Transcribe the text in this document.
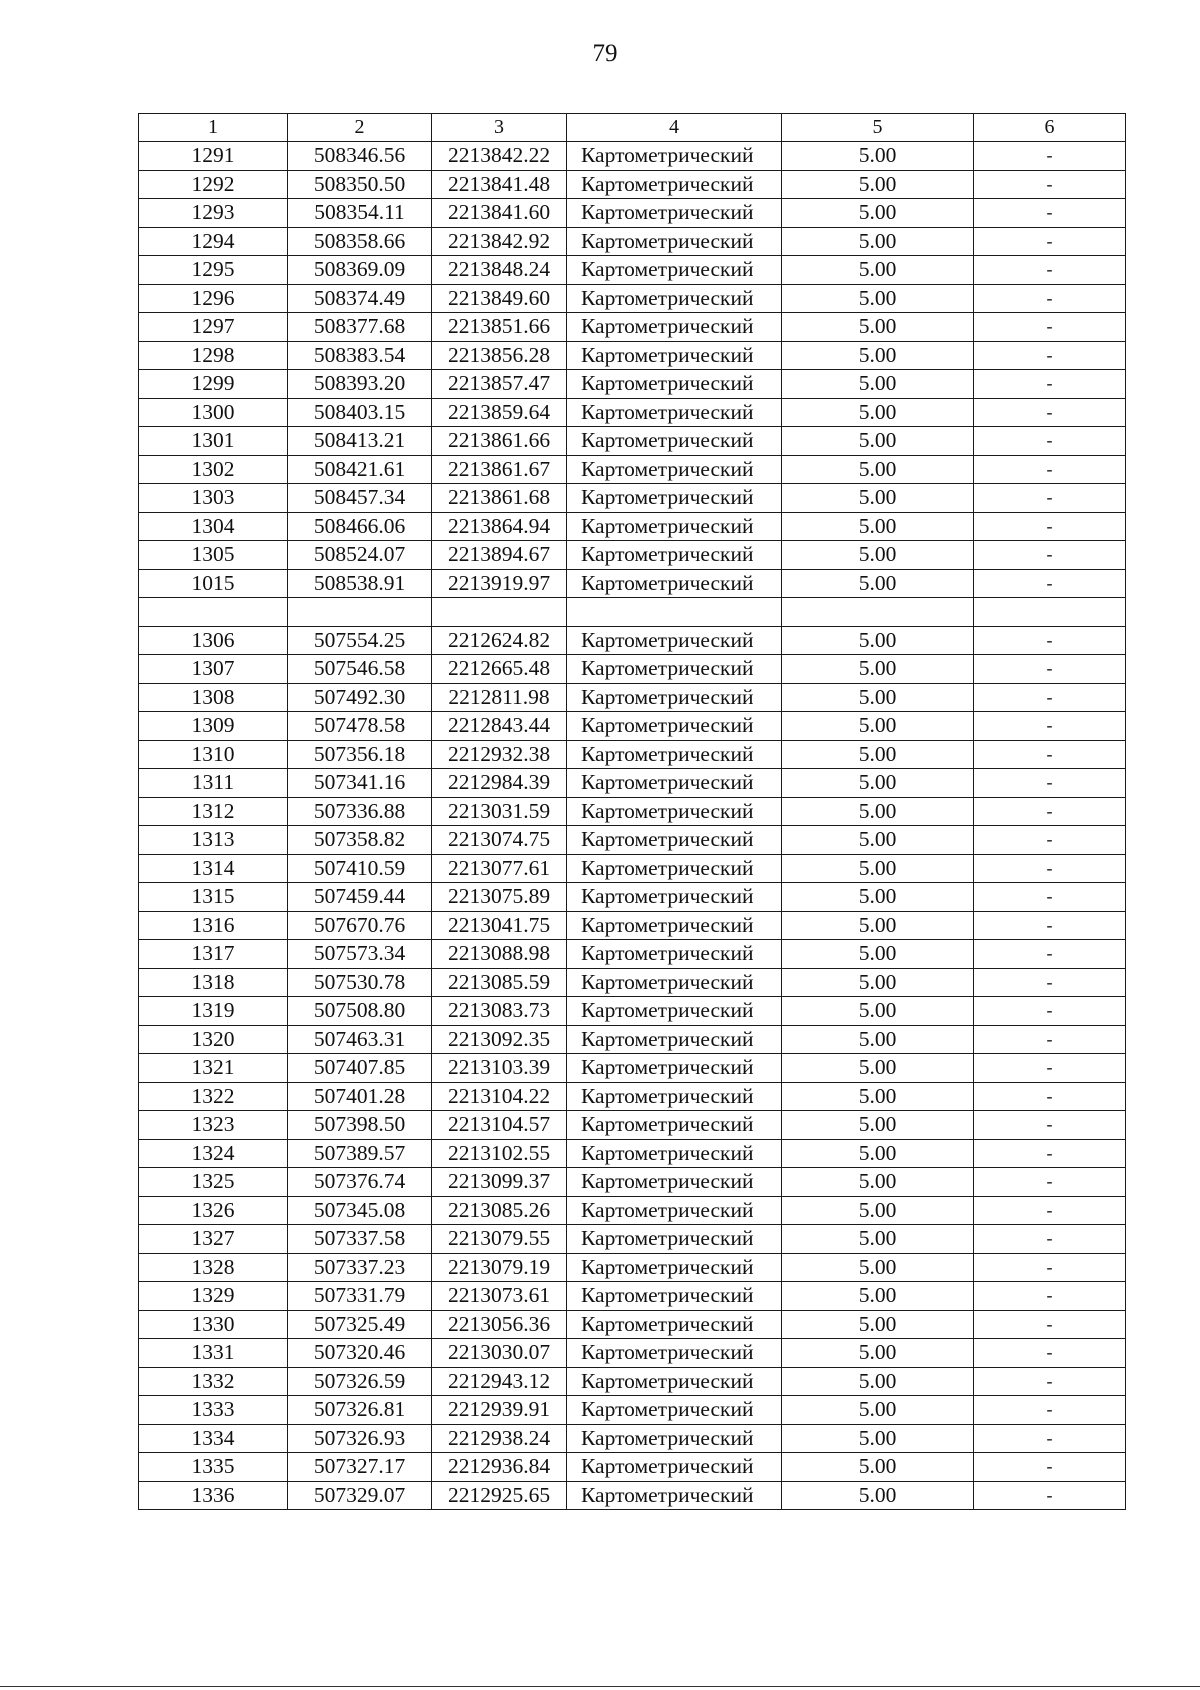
79
1	2	3	4	5	6
1291	508346.56	2213842.22	Картометрический	5.00	-
1292	508350.50	2213841.48	Картометрический	5.00	-
1293	508354.11	2213841.60	Картометрический	5.00	-
1294	508358.66	2213842.92	Картометрический	5.00	-
1295	508369.09	2213848.24	Картометрический	5.00	-
1296	508374.49	2213849.60	Картометрический	5.00	-
1297	508377.68	2213851.66	Картометрический	5.00	-
1298	508383.54	2213856.28	Картометрический	5.00	-
1299	508393.20	2213857.47	Картометрический	5.00	-
1300	508403.15	2213859.64	Картометрический	5.00	-
1301	508413.21	2213861.66	Картометрический	5.00	-
1302	508421.61	2213861.67	Картометрический	5.00	-
1303	508457.34	2213861.68	Картометрический	5.00	-
1304	508466.06	2213864.94	Картометрический	5.00	-
1305	508524.07	2213894.67	Картометрический	5.00	-
1015	508538.91	2213919.97	Картометрический	5.00	-

1306	507554.25	2212624.82	Картометрический	5.00	-
1307	507546.58	2212665.48	Картометрический	5.00	-
1308	507492.30	2212811.98	Картометрический	5.00	-
1309	507478.58	2212843.44	Картометрический	5.00	-
1310	507356.18	2212932.38	Картометрический	5.00	-
1311	507341.16	2212984.39	Картометрический	5.00	-
1312	507336.88	2213031.59	Картометрический	5.00	-
1313	507358.82	2213074.75	Картометрический	5.00	-
1314	507410.59	2213077.61	Картометрический	5.00	-
1315	507459.44	2213075.89	Картометрический	5.00	-
1316	507670.76	2213041.75	Картометрический	5.00	-
1317	507573.34	2213088.98	Картометрический	5.00	-
1318	507530.78	2213085.59	Картометрический	5.00	-
1319	507508.80	2213083.73	Картометрический	5.00	-
1320	507463.31	2213092.35	Картометрический	5.00	-
1321	507407.85	2213103.39	Картометрический	5.00	-
1322	507401.28	2213104.22	Картометрический	5.00	-
1323	507398.50	2213104.57	Картометрический	5.00	-
1324	507389.57	2213102.55	Картометрический	5.00	-
1325	507376.74	2213099.37	Картометрический	5.00	-
1326	507345.08	2213085.26	Картометрический	5.00	-
1327	507337.58	2213079.55	Картометрический	5.00	-
1328	507337.23	2213079.19	Картометрический	5.00	-
1329	507331.79	2213073.61	Картометрический	5.00	-
1330	507325.49	2213056.36	Картометрический	5.00	-
1331	507320.46	2213030.07	Картометрический	5.00	-
1332	507326.59	2212943.12	Картометрический	5.00	-
1333	507326.81	2212939.91	Картометрический	5.00	-
1334	507326.93	2212938.24	Картометрический	5.00	-
1335	507327.17	2212936.84	Картометрический	5.00	-
1336	507329.07	2212925.65	Картометрический	5.00	-
